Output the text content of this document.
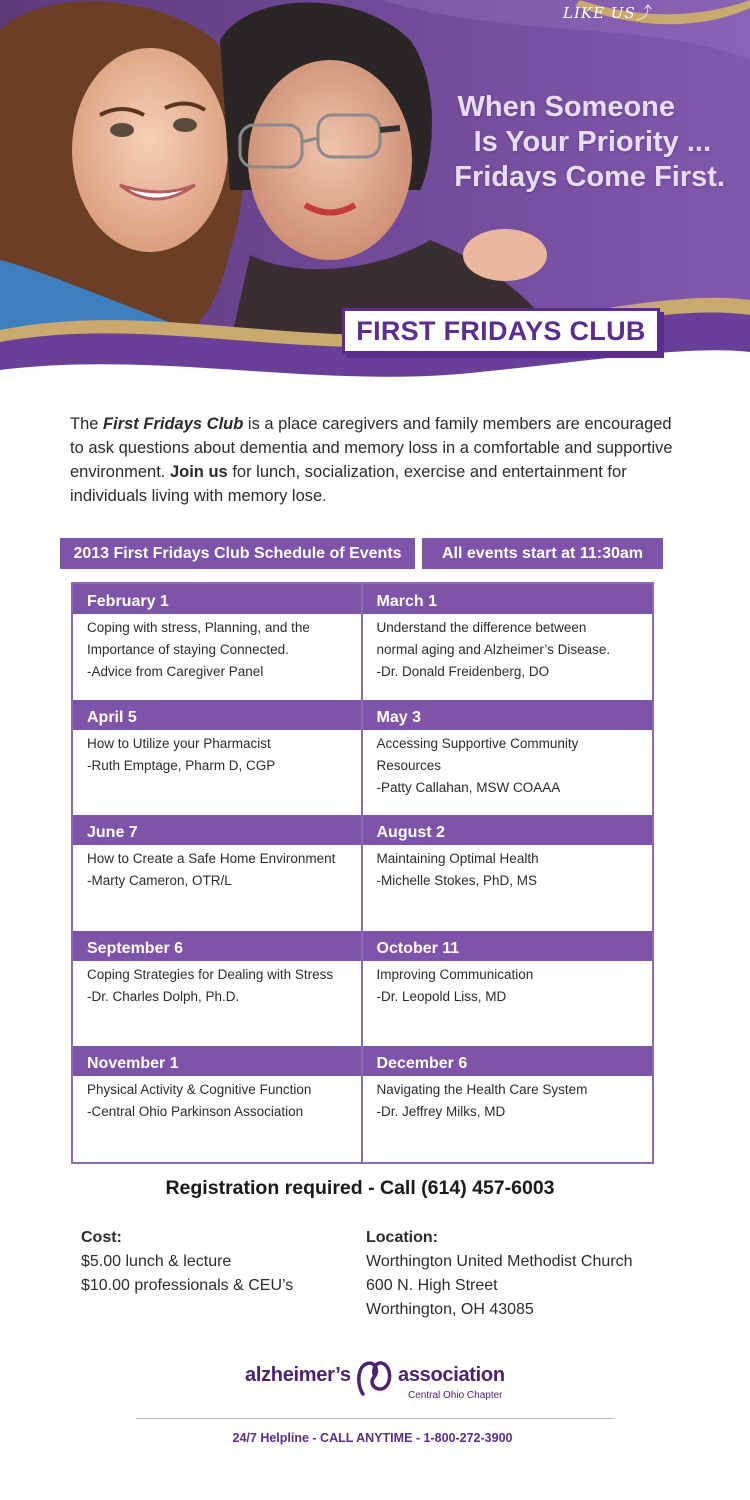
LIKE US ⤴
When Someone
Is Your Priority ...
Fridays Come First.
FIRST FRIDAYS CLUB

The First Fridays Club is a place caregivers and family members are encouraged to ask questions about dementia and memory loss in a comfortable and supportive environment. Join us for lunch, socialization, exercise and entertainment for individuals living with memory lose.

2013 First Fridays Club Schedule of Events	All events start at 11:30am
February 1
Coping with stress, Planning, and the
Importance of staying Connected.
-Advice from Caregiver Panel
March 1
Understand the difference between
normal aging and Alzheimer’s Disease.
-Dr. Donald Freidenberg, DO
April 5
How to Utilize your Pharmacist
-Ruth Emptage, Pharm D, CGP
May 3
Accessing Supportive Community
Resources
-Patty Callahan, MSW COAAA
June 7
How to Create a Safe Home Environment
-Marty Cameron, OTR/L
August 2
Maintaining Optimal Health
-Michelle Stokes, PhD, MS
September 6
Coping Strategies for Dealing with Stress
-Dr. Charles Dolph, Ph.D.
October 11
Improving Communication
-Dr. Leopold Liss, MD
November 1
Physical Activity & Cognitive Function
-Central Ohio Parkinson Association
December 6
Navigating the Health Care System
-Dr. Jeffrey Milks, MD
Registration required - Call (614) 457-6003
Cost:
$5.00 lunch & lecture
$10.00 professionals & CEU’s
Location:
Worthington United Methodist Church
600 N. High Street
Worthington, OH 43085
alzheimer’s association
Central Ohio Chapter
24/7 Helpline - CALL ANYTIME - 1-800-272-3900
